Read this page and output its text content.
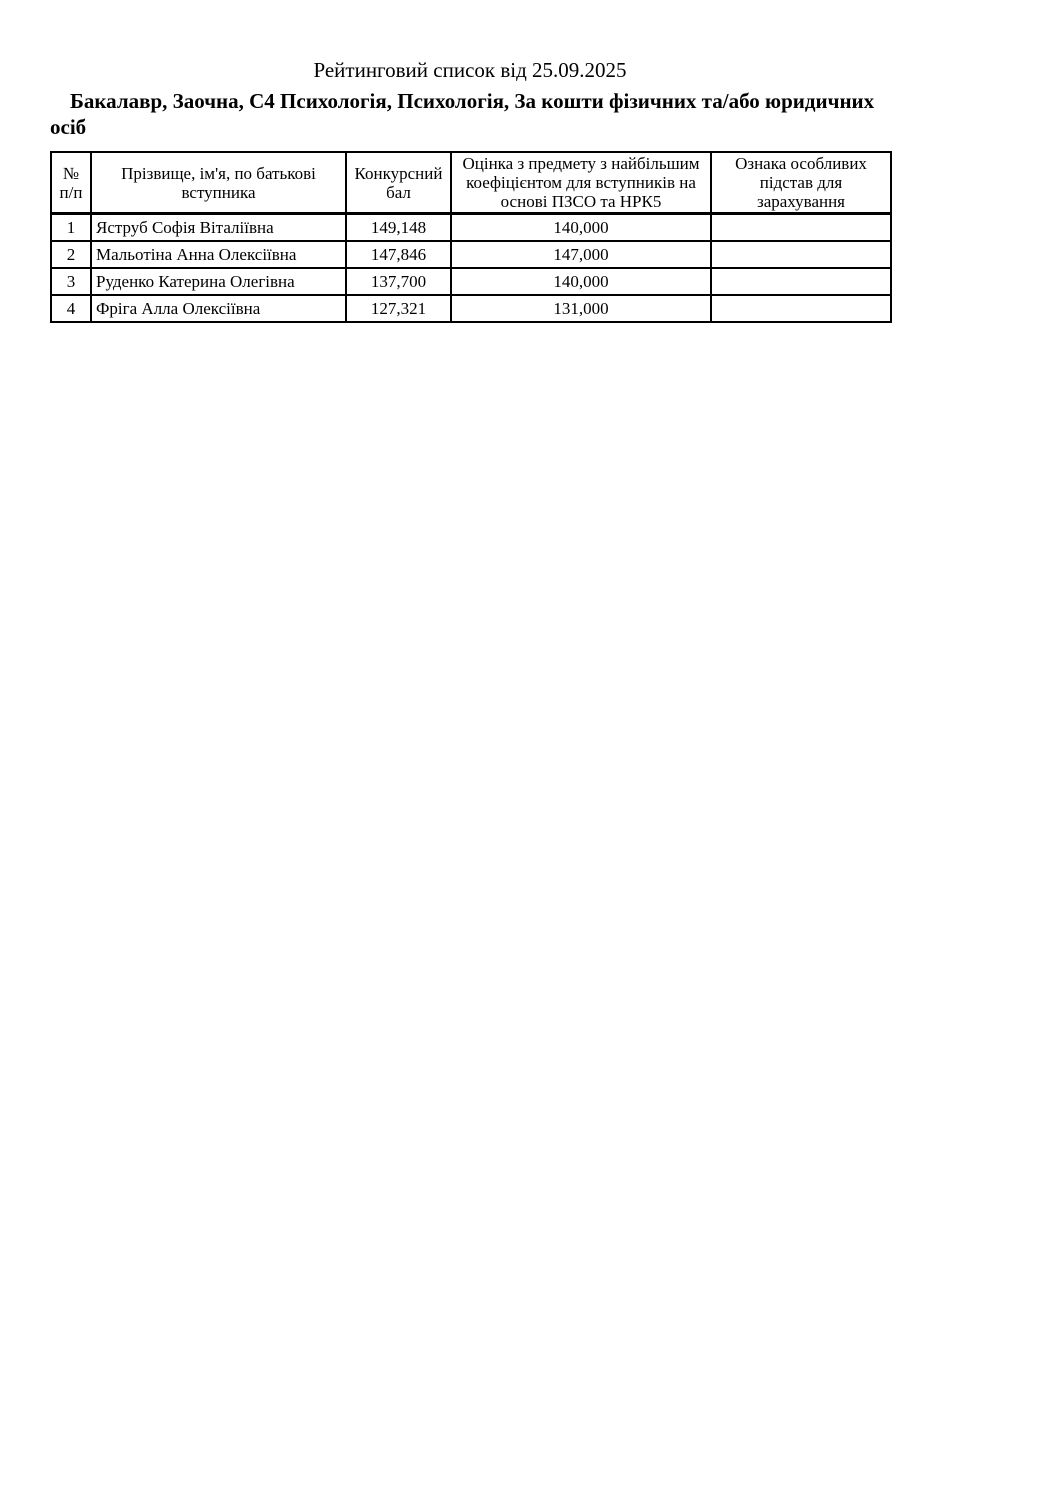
Рейтинговий список від 25.09.2025
Бакалавр, Заочна, С4 Психологія, Психологія, За кошти фізичних та/або юридичних
осіб
№ п/п	Прізвище, ім'я, по батькові вступника	Конкурсний бал	Оцінка з предмету з найбільшим коефіцієнтом для вступників на основі ПЗСО та НРК5	Ознака особливих підстав для зарахування
1	Яструб Софія Віталіївна	149,148	140,000	
2	Мальотіна Анна Олексіївна	147,846	147,000	
3	Руденко Катерина Олегівна	137,700	140,000	
4	Фріга Алла Олексіївна	127,321	131,000	
